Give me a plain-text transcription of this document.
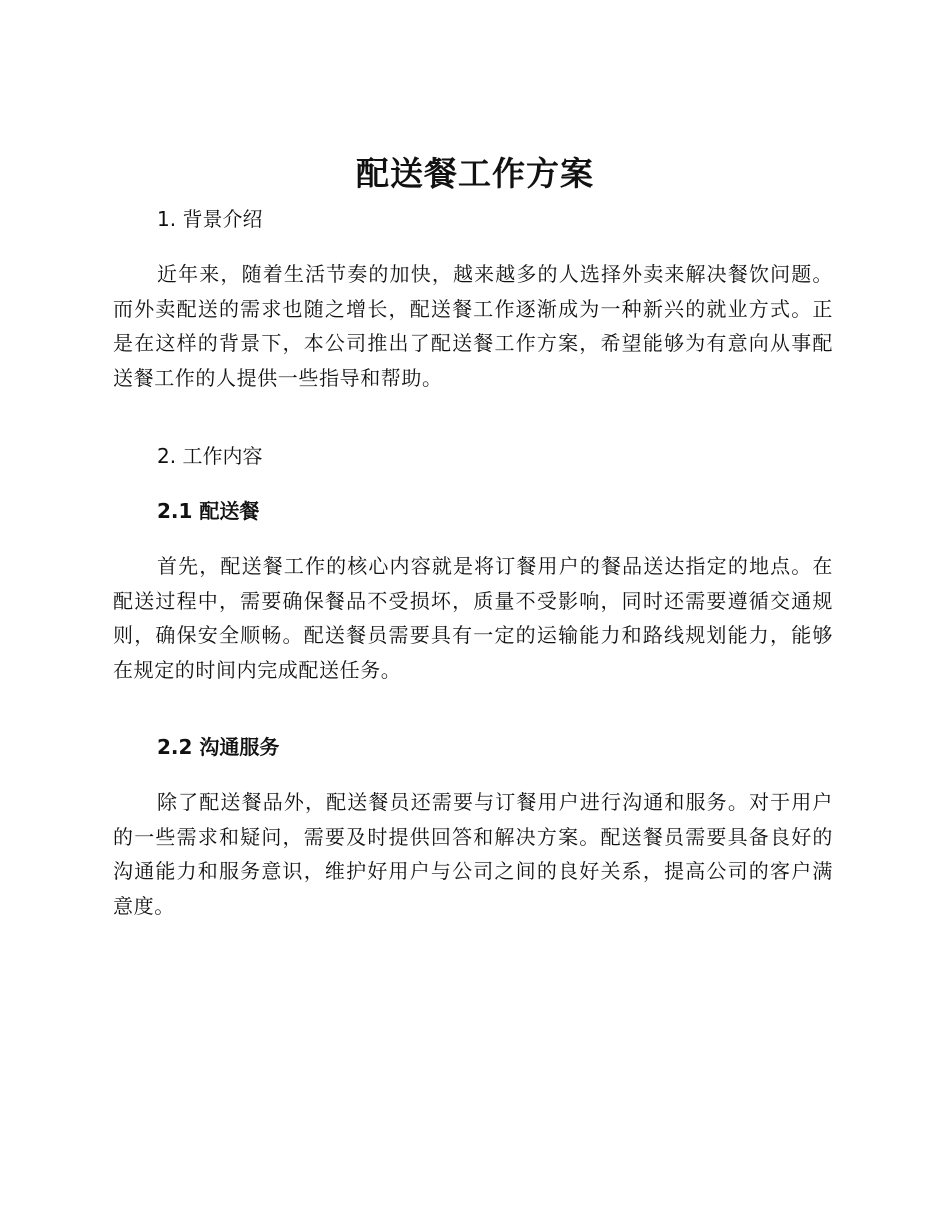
配送餐工作方案
1. 背景介绍

近年来，随着生活节奏的加快，越来越多的人选择外卖来解决餐饮问题。而外卖配送的需求也随之增长，配送餐工作逐渐成为一种新兴的就业方式。正是在这样的背景下，本公司推出了配送餐工作方案，希望能够为有意向从事配送餐工作的人提供一些指导和帮助。

2. 工作内容
2.1 配送餐

首先，配送餐工作的核心内容就是将订餐用户的餐品送达指定的地点。在配送过程中，需要确保餐品不受损坏，质量不受影响，同时还需要遵循交通规则，确保安全顺畅。配送餐员需要具有一定的运输能力和路线规划能力，能够在规定的时间内完成配送任务。

2.2 沟通服务

除了配送餐品外，配送餐员还需要与订餐用户进行沟通和服务。对于用户的一些需求和疑问，需要及时提供回答和解决方案。配送餐员需要具备良好的沟通能力和服务意识，维护好用户与公司之间的良好关系，提高公司的客户满意度。
